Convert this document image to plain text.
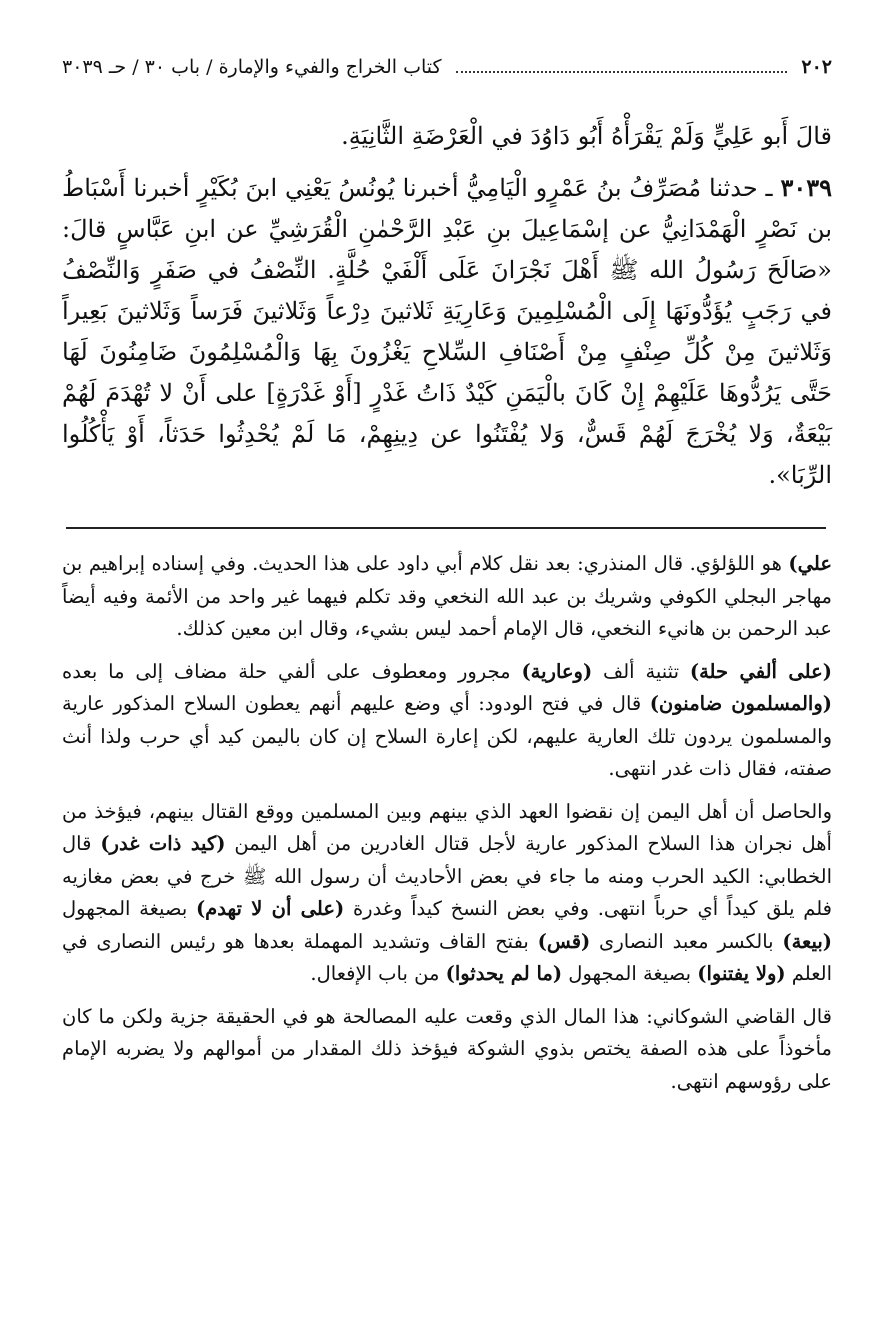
٢٠٢
كتاب الخراج والفيء والإمارة / باب ٣٠ / حـ ٣٠٣٩

قالَ أَبو عَلِيٍّ وَلَمْ يَقْرَأْهُ أَبُو دَاوُدَ في الْعَرْضَةِ الثَّانِيَةِ.

٣٠٣٩ ـ حدثنا مُصَرِّفُ بنُ عَمْرٍو الْيَامِيُّ أخبرنا يُونُسُ يَعْنِي ابنَ بُكَيْرٍ أخبرنا أَسْبَاطُ بن نَصْرٍ الْهَمْدَانِيُّ عن إسْمَاعِيلَ بنِ عَبْدِ الرَّحْمٰنِ الْقُرَشِيِّ عن ابنِ عَبَّاسٍ قالَ: «صَالَحَ رَسُولُ الله ﷺ أَهْلَ نَجْرَانَ عَلَى أَلْفَيْ حُلَّةٍ. النِّصْفُ في صَفَرٍ وَالنِّصْفُ في رَجَبٍ يُؤَدُّونَهَا إِلَى الْمُسْلِمِينَ وَعَارِيَةِ ثَلاثينَ دِرْعاً وَثَلاثينَ فَرَساً وَثَلاثينَ بَعِيراً وَثَلاثينَ مِنْ كُلِّ صِنْفٍ مِنْ أَصْنَافِ السِّلاحِ يَغْزُونَ بِهَا وَالْمُسْلِمُونَ ضَامِنُونَ لَهَا حَتَّى يَرُدُّوهَا عَلَيْهِمْ إِنْ كَانَ بالْيَمَنِ كَيْدٌ ذَاتُ غَدْرٍ [أَوْ غَدْرَةٍ] على أَنْ لا تُهْدَمَ لَهُمْ بَيْعَةٌ، وَلا يُخْرَجَ لَهُمْ قَسٌّ، وَلا يُفْتَنُوا عن دِينِهِمْ، مَا لَمْ يُحْدِثُوا حَدَثاً، أَوْ يَأْكُلُوا الرِّبَا».

علي) هو اللؤلؤي. قال المنذري: بعد نقل كلام أبي داود على هذا الحديث. وفي إسناده إبراهيم بن مهاجر البجلي الكوفي وشريك بن عبد الله النخعي وقد تكلم فيهما غير واحد من الأئمة وفيه أيضاً عبد الرحمن بن هانيء النخعي، قال الإمام أحمد ليس بشيء، وقال ابن معين كذلك.

(على ألفي حلة) تثنية ألف (وعارية) مجرور ومعطوف على ألفي حلة مضاف إلى ما بعده (والمسلمون ضامنون) قال في فتح الودود: أي وضع عليهم أنهم يعطون السلاح المذكور عارية والمسلمون يردون تلك العارية عليهم، لكن إعارة السلاح إن كان باليمن كيد أي حرب ولذا أنث صفته، فقال ذات غدر انتهى.

والحاصل أن أهل اليمن إن نقضوا العهد الذي بينهم وبين المسلمين ووقع القتال بينهم، فيؤخذ من أهل نجران هذا السلاح المذكور عارية لأجل قتال الغادرين من أهل اليمن (كيد ذات غدر) قال الخطابي: الكيد الحرب ومنه ما جاء في بعض الأحاديث أن رسول الله ﷺ خرج في بعض مغازيه فلم يلق كيداً أي حرباً انتهى. وفي بعض النسخ كيداً وغدرة (على أن لا تهدم) بصيغة المجهول (بيعة) بالكسر معبد النصارى (قس) بفتح القاف وتشديد المهملة بعدها هو رئيس النصارى في العلم (ولا يفتنوا) بصيغة المجهول (ما لم يحدثوا) من باب الإفعال.

قال القاضي الشوكاني: هذا المال الذي وقعت عليه المصالحة هو في الحقيقة جزية ولكن ما كان مأخوذاً على هذه الصفة يختص بذوي الشوكة فيؤخذ ذلك المقدار من أموالهم ولا يضربه الإمام على رؤوسهم انتهى.
